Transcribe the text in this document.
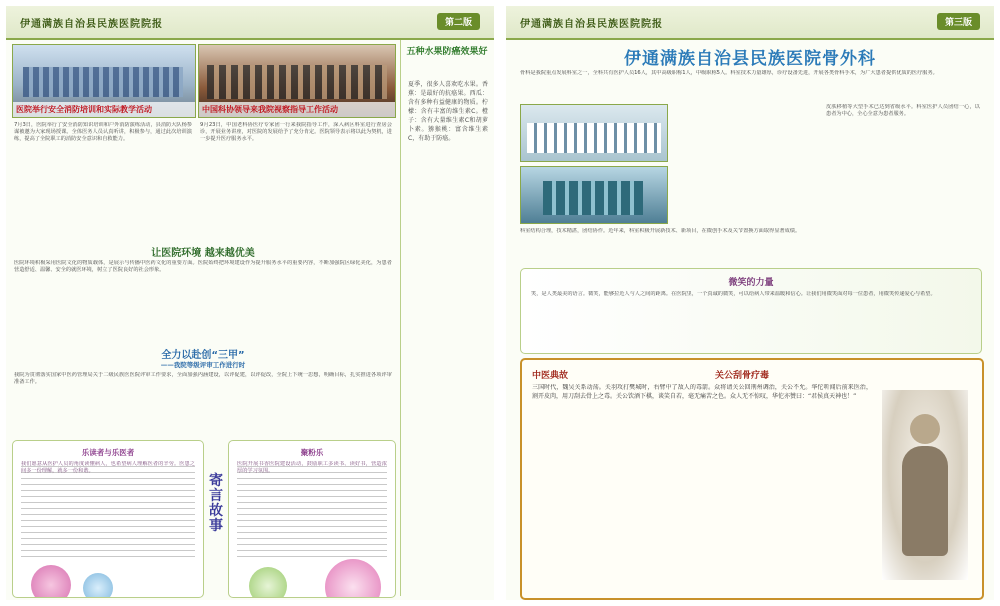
伊通满族自治县民族医院院报	第二版
医院举行安全消防培训和实际教学活动	中国科协领导来我院视察指导工作活动
7月3日，医院举行了安全消防知识培训和户外消防演练活动，县消防大队杨参谋被邀为大家现场授课。全体医务人员认真听讲，积极参与，通过此次培训演练，提高了全院职工的消防安全意识和自救能力。
9月23日，中国老科协医疗专家团一行来我院指导工作，深入病区科室进行查房会诊，开展业务讲座，对医院的发展给予了充分肯定。医院领导表示将以此为契机，进一步提升医疗服务水平。
让医院环境 越来越优美
医院环境积极采用医院文化的物质载体，是展示与传播中医药文化的重要方面。医院始终把环境建设作为提升服务水平的重要内容，不断加强院区绿化美化，为患者营造舒适、温馨、安全的就医环境，树立了医院良好的社会形象。
全力以赴创“三甲”
——我院等级评审工作进行时
我院为贯彻落实国家中医药管理局关于二级民族医医院评审工作要求，全面加强内涵建设，以评促建，以评促改，全院上下统一思想，明确目标，扎实推进各项评审准备工作。
乐读者与乐医者
我们愿意从医护人员的角度读懂病人，也希望病人理解医者的辛劳。医患之间多一份理解，就多一份和谐。
寄言故事
聚粉乐
医院开展书香医院建设活动，鼓励职工多读书、读好书，营造浓厚的学习氛围。
五种水果防癌效果好
夏季，很多人喜欢吃水果。香蕉：是最好的抗癌果。西瓜：含有多种有益健康的物质。柠檬：含有丰富的维生素C。橙子：含有大量维生素C和胡萝卜素。猕猴桃：富含维生素C，有助于防癌。
伊通满族自治县民族医院院报	第三版
伊通满族自治县民族医院骨外科
骨科是我院重点发展科室之一，全科共有医护人员16人，其中高级职称1人，中级职称5人。科室技术力量雄厚，诊疗设备先进，开展各类骨科手术，为广大患者提供优质的医疗服务。
科室结构合理，技术精湛，团结协作。近年来，科室积极开展新技术、新项目，在微创手术及关节置换方面取得显著成绩。
皮肤移植等大型手术已达到省级水平。科室医护人员团结一心，以患者为中心，全心全意为患者服务。
微笑的力量
笑，是人类最美的语言。微笑，能够拉近人与人之间的距离。在医院里，一个真诚的微笑，可以给病人带来温暖和信心。让我们用微笑面对每一位患者，用微笑传递爱心与希望。
中医典故	关公刮骨疗毒
三国时代，魏吴关系动荡。关羽攻打樊城时，右臂中了敌人的毒箭。众将请关公回荆州调治，关公不允。华佗听闻后前来医治，割开皮肉，用刀刮去骨上之毒。关公饮酒下棋，谈笑自若，毫无痛苦之色。众人无不惊叹，华佗亦赞曰：“君侯真天神也！”
